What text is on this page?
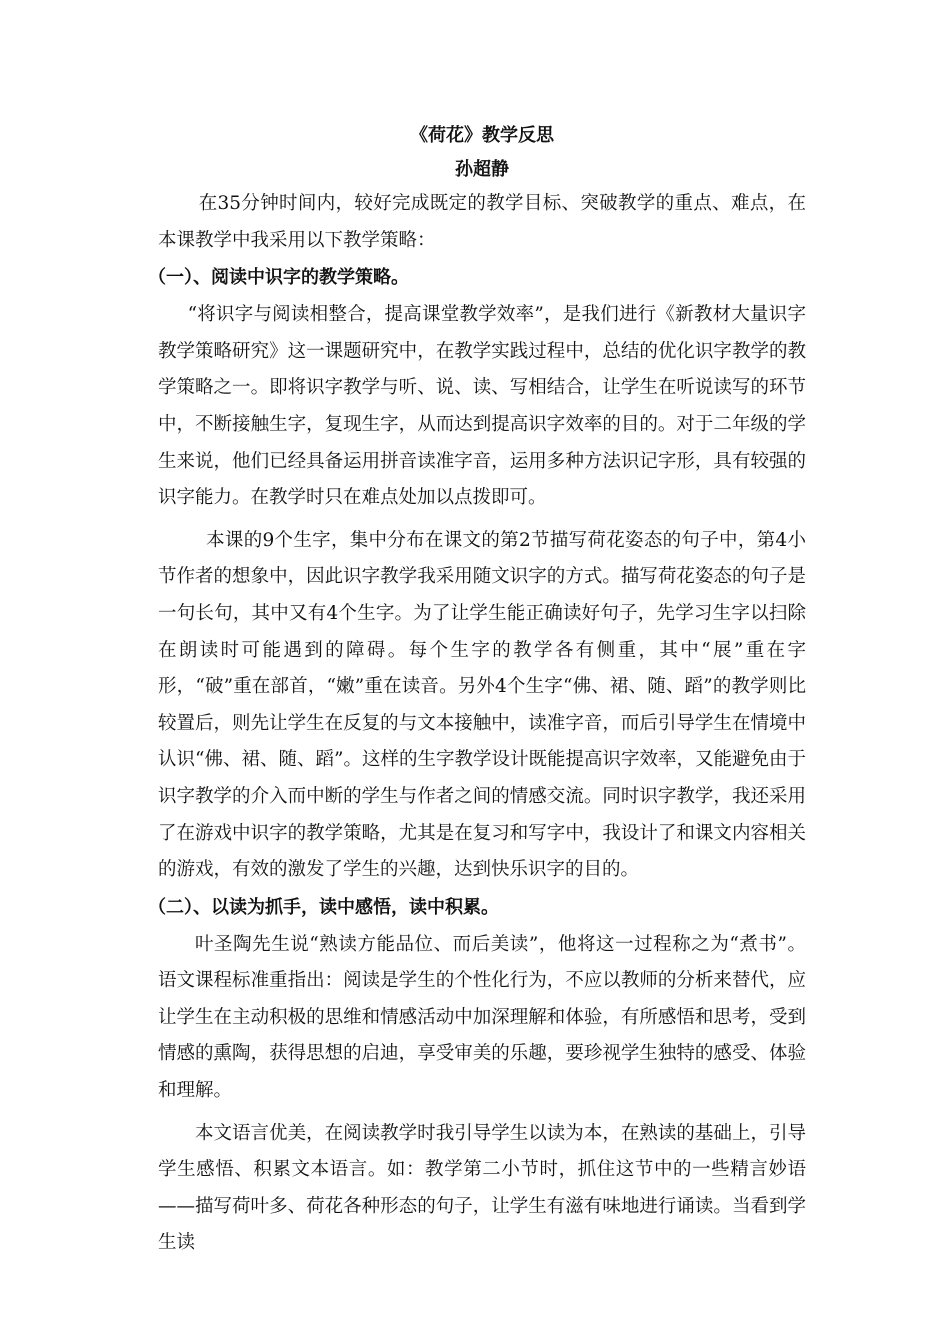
《荷花》教学反思
孙超静

在35分钟时间内，较好完成既定的教学目标、突破教学的重点、难点，在本课教学中我采用以下教学策略：

（一）、阅读中识字的教学策略。

“将识字与阅读相整合，提高课堂教学效率”，是我们进行《新教材大量识字教学策略研究》这一课题研究中，在教学实践过程中，总结的优化识字教学的教学策略之一。即将识字教学与听、说、读、写相结合，让学生在听说读写的环节中，不断接触生字，复现生字，从而达到提高识字效率的目的。对于二年级的学生来说，他们已经具备运用拼音读准字音，运用多种方法识记字形，具有较强的识字能力。在教学时只在难点处加以点拨即可。

本课的9个生字，集中分布在课文的第2节描写荷花姿态的句子中，第4小节作者的想象中，因此识字教学我采用随文识字的方式。描写荷花姿态的句子是一句长句，其中又有4个生字。为了让学生能正确读好句子，先学习生字以扫除在朗读时可能遇到的障碍。每个生字的教学各有侧重，其中“展”重在字形，“破”重在部首，“嫩”重在读音。另外4个生字“佛、裙、随、蹈”的教学则比较置后，则先让学生在反复的与文本接触中，读准字音，而后引导学生在情境中认识“佛、裙、随、蹈”。这样的生字教学设计既能提高识字效率，又能避免由于识字教学的介入而中断的学生与作者之间的情感交流。同时识字教学，我还采用了在游戏中识字的教学策略，尤其是在复习和写字中，我设计了和课文内容相关的游戏，有效的激发了学生的兴趣，达到快乐识字的目的。

（二）、以读为抓手，读中感悟，读中积累。

叶圣陶先生说“熟读方能品位、而后美读”，他将这一过程称之为“煮书”。语文课程标准重指出：阅读是学生的个性化行为，不应以教师的分析来替代，应让学生在主动积极的思维和情感活动中加深理解和体验，有所感悟和思考，受到情感的熏陶，获得思想的启迪，享受审美的乐趣，要珍视学生独特的感受、体验和理解。

本文语言优美，在阅读教学时我引导学生以读为本，在熟读的基础上，引导学生感悟、积累文本语言。如：教学第二小节时，抓住这节中的一些精言妙语——描写荷叶多、荷花各种形态的句子，让学生有滋有味地进行诵读。当看到学生读
